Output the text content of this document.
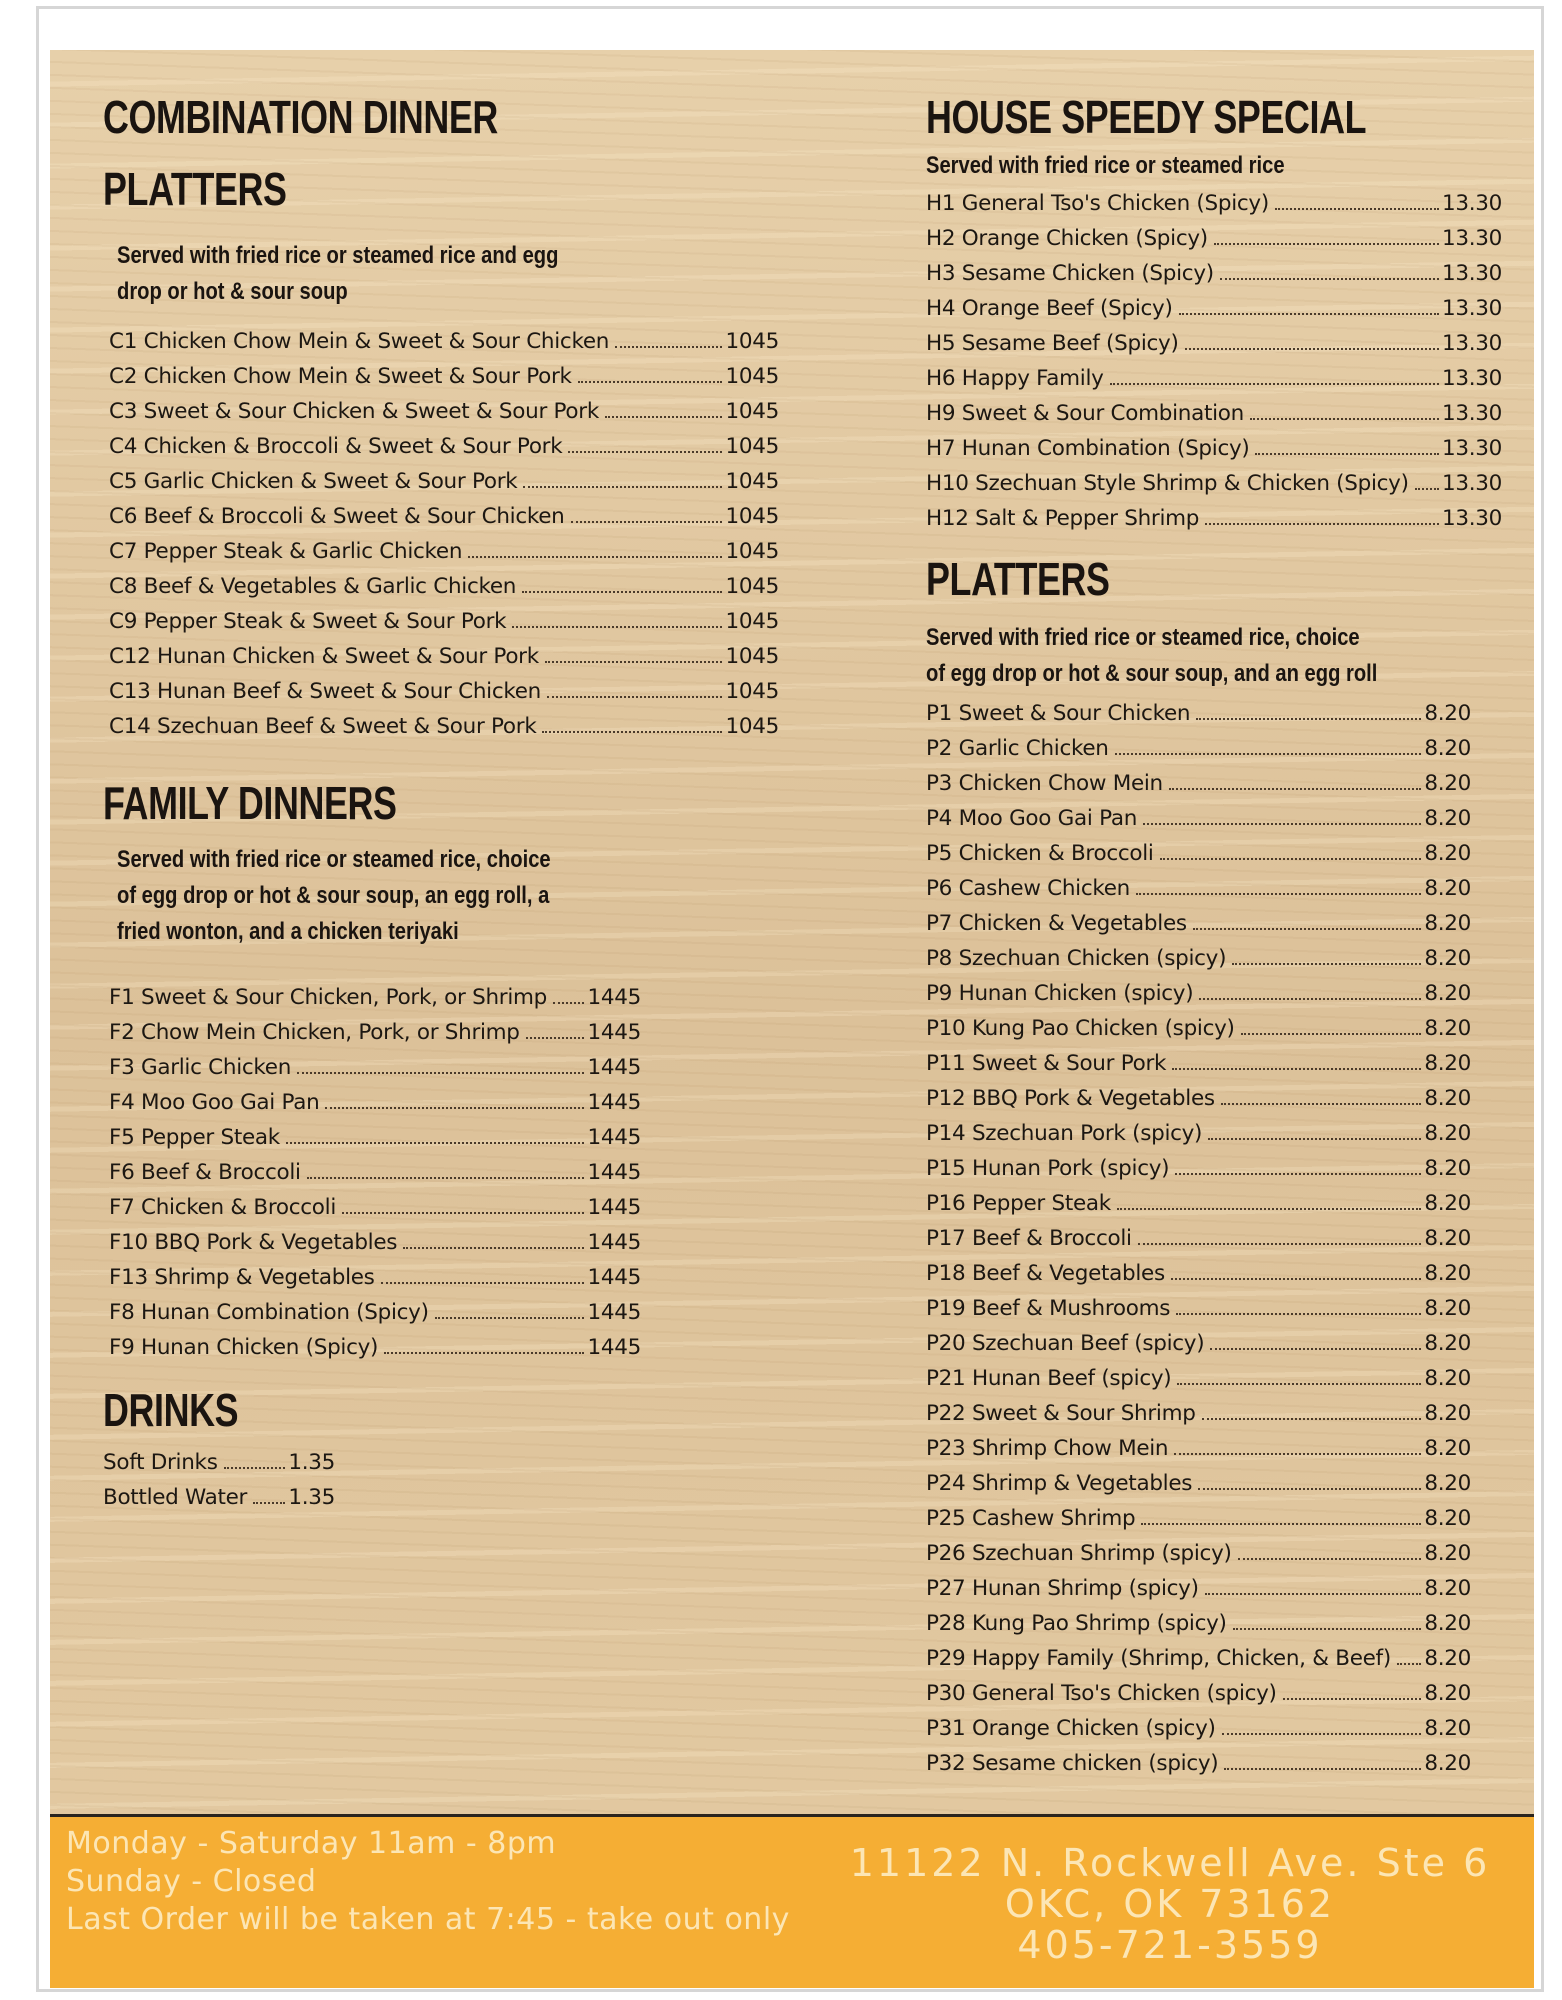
COMBINATION DINNER
PLATTERS
Served with fried rice or steamed rice and egg
drop or hot & sour soup
C1 Chicken Chow Mein & Sweet & Sour Chicken	1045
C2 Chicken Chow Mein & Sweet & Sour Pork	1045
C3 Sweet & Sour Chicken & Sweet & Sour Pork	1045
C4 Chicken & Broccoli & Sweet & Sour Pork	1045
C5 Garlic Chicken & Sweet & Sour Pork	1045
C6 Beef & Broccoli & Sweet & Sour Chicken	1045
C7 Pepper Steak & Garlic Chicken	1045
C8 Beef & Vegetables & Garlic Chicken	1045
C9 Pepper Steak & Sweet & Sour Pork	1045
C12 Hunan Chicken & Sweet & Sour Pork	1045
C13 Hunan Beef & Sweet & Sour Chicken	1045
C14 Szechuan Beef & Sweet & Sour Pork	1045
FAMILY DINNERS
Served with fried rice or steamed rice, choice
of egg drop or hot & sour soup, an egg roll, a
fried wonton, and a chicken teriyaki
F1 Sweet & Sour Chicken, Pork, or Shrimp 1445
F2 Chow Mein Chicken, Pork, or Shrimp	1445
F3 Garlic Chicken	1445
F4 Moo Goo Gai Pan	1445
F5 Pepper Steak	1445
F6 Beef & Broccoli	1445
F7 Chicken & Broccoli	1445
F10 BBQ Pork & Vegetables	1445
F13 Shrimp & Vegetables	1445
F8 Hunan Combination (Spicy)	1445
F9 Hunan Chicken (Spicy)	1445
DRINKS
Soft Drinks	1.35
Bottled Water 1.35
HOUSE SPEEDY SPECIAL
Served with fried rice or steamed rice
H1 General Tso's Chicken (Spicy)	13.30
H2 Orange Chicken (Spicy)	13.30
H3 Sesame Chicken (Spicy)	13.30
H4 Orange Beef (Spicy)	13.30
H5 Sesame Beef (Spicy)	13.30
H6 Happy Family	13.30
H9 Sweet & Sour Combination	13.30
H7 Hunan Combination (Spicy)	13.30
H10 Szechuan Style Shrimp & Chicken (Spicy) 13.30
H12 Salt & Pepper Shrimp	13.30
PLATTERS
Served with fried rice or steamed rice, choice
of egg drop or hot & sour soup, and an egg roll
P1 Sweet & Sour Chicken	8.20
P2 Garlic Chicken	8.20
P3 Chicken Chow Mein	8.20
P4 Moo Goo Gai Pan	8.20
P5 Chicken & Broccoli	8.20
P6 Cashew Chicken	8.20
P7 Chicken & Vegetables	8.20
P8 Szechuan Chicken (spicy)	8.20
P9 Hunan Chicken (spicy)	8.20
P10 Kung Pao Chicken (spicy)	8.20
P11 Sweet & Sour Pork	8.20
P12 BBQ Pork & Vegetables	8.20
P14 Szechuan Pork (spicy)	8.20
P15 Hunan Pork (spicy)	8.20
P16 Pepper Steak	8.20
P17 Beef & Broccoli	8.20
P18 Beef & Vegetables	8.20
P19 Beef & Mushrooms	8.20
P20 Szechuan Beef (spicy)	8.20
P21 Hunan Beef (spicy)	8.20
P22 Sweet & Sour Shrimp	8.20
P23 Shrimp Chow Mein	8.20
P24 Shrimp & Vegetables	8.20
P25 Cashew Shrimp	8.20
P26 Szechuan Shrimp (spicy)	8.20
P27 Hunan Shrimp (spicy)	8.20
P28 Kung Pao Shrimp (spicy)	8.20
P29 Happy Family (Shrimp, Chicken, & Beef) 8.20
P30 General Tso's Chicken (spicy)	8.20
P31 Orange Chicken (spicy)	8.20
P32 Sesame chicken (spicy)	8.20
Monday - Saturday 11am - 8pm
Sunday - Closed
Last Order will be taken at 7:45 - take out only
11122 N. Rockwell Ave. Ste 6
OKC, OK 73162
405-721-3559
